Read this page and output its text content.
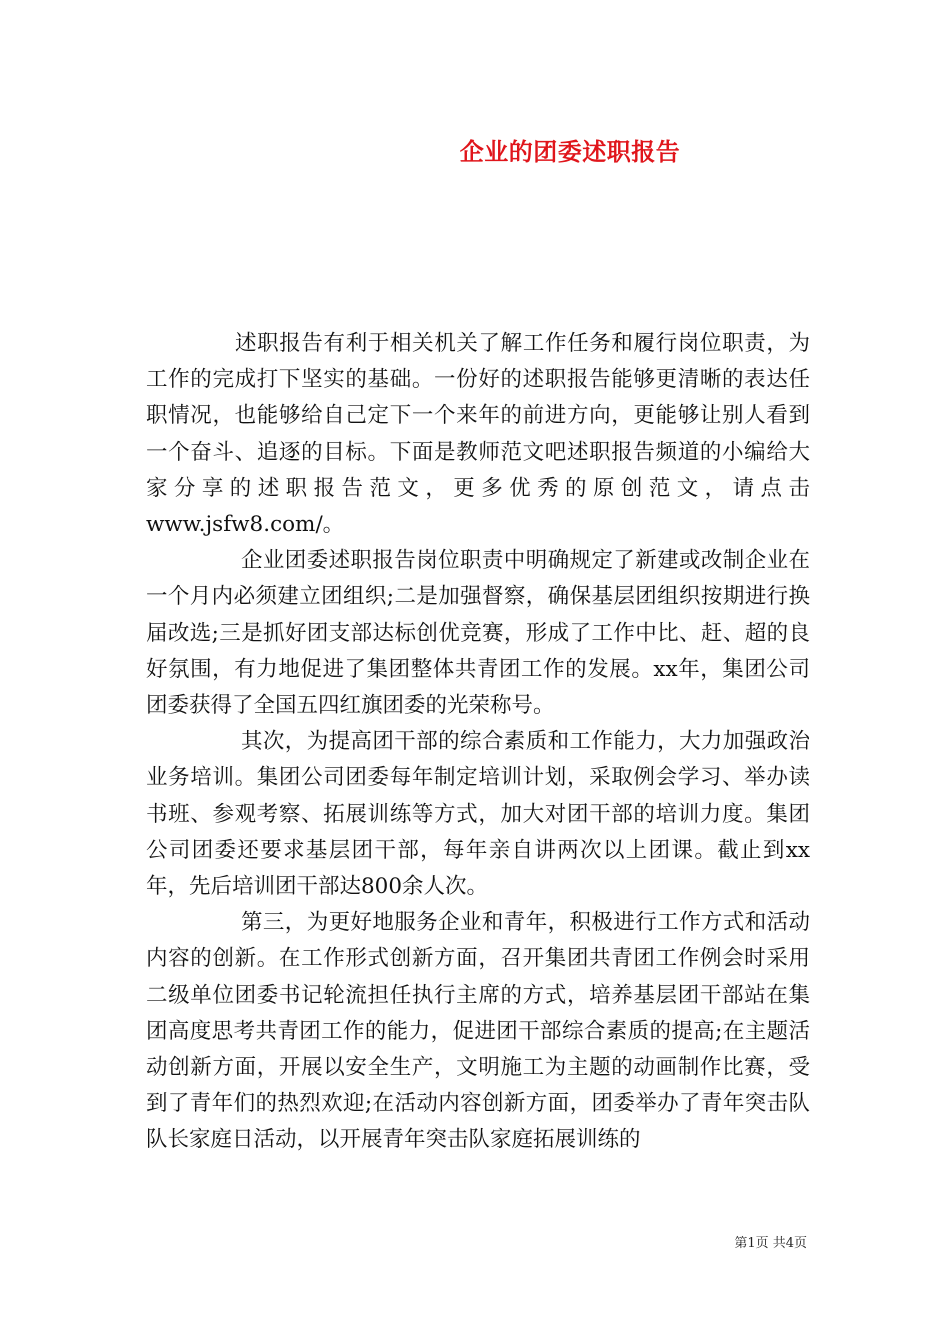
企业的团委述职报告

述职报告有利于相关机关了解工作任务和履行岗位职责，为工作的完成打下坚实的基础。一份好的述职报告能够更清晰的表达任职情况，也能够给自己定下一个来年的前进方向，更能够让别人看到一个奋斗、追逐的目标。下面是教师范文吧述职报告频道的小编给大家分享的述职报告范文，更多优秀的原创范文，请点击www.jsfw8.com/。

企业团委述职报告岗位职责中明确规定了新建或改制企业在一个月内必须建立团组织;二是加强督察，确保基层团组织按期进行换届改选;三是抓好团支部达标创优竞赛，形成了工作中比、赶、超的良好氛围，有力地促进了集团整体共青团工作的发展。xx年，集团公司团委获得了全国五四红旗团委的光荣称号。

其次，为提高团干部的综合素质和工作能力，大力加强政治业务培训。集团公司团委每年制定培训计划，采取例会学习、举办读书班、参观考察、拓展训练等方式，加大对团干部的培训力度。集团公司团委还要求基层团干部，每年亲自讲两次以上团课。截止到xx年，先后培训团干部达800余人次。

第三，为更好地服务企业和青年，积极进行工作方式和活动内容的创新。在工作形式创新方面，召开集团共青团工作例会时采用二级单位团委书记轮流担任执行主席的方式，培养基层团干部站在集团高度思考共青团工作的能力，促进团干部综合素质的提高;在主题活动创新方面，开展以安全生产，文明施工为主题的动画制作比赛，受到了青年们的热烈欢迎;在活动内容创新方面，团委举办了青年突击队队长家庭日活动，以开展青年突击队家庭拓展训练的

第1页 共4页
